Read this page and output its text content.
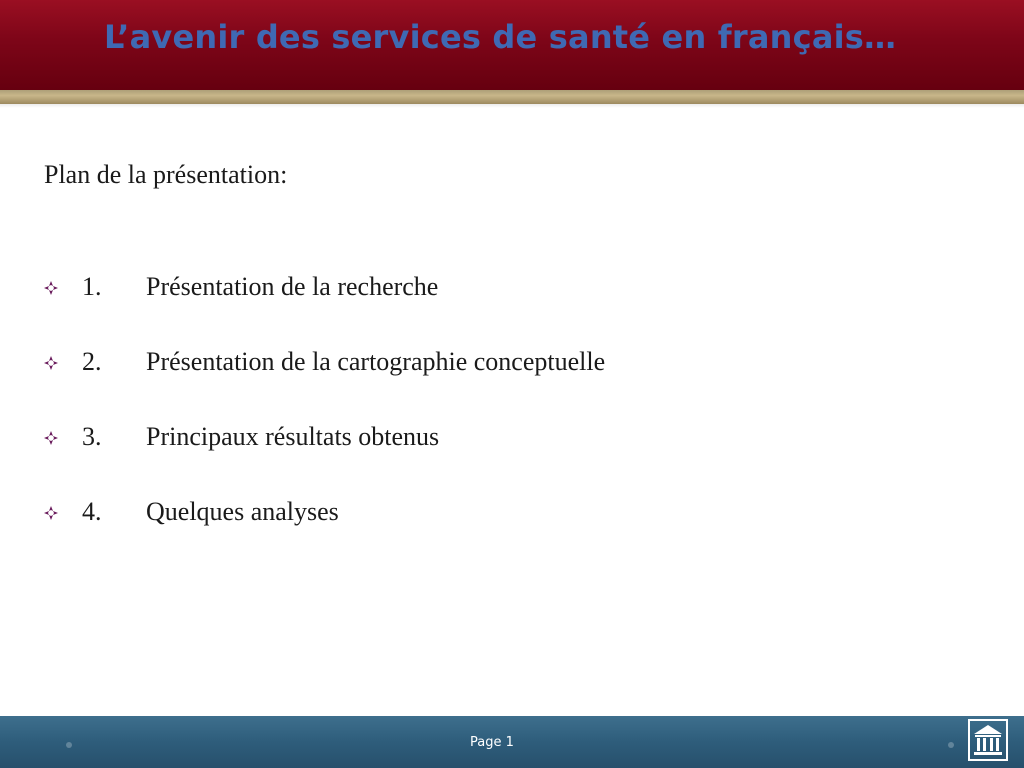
L’avenir des services de santé en français…
Plan de la présentation:
1. Présentation de la recherche
2. Présentation de la cartographie conceptuelle
3. Principaux résultats obtenus
4. Quelques analyses
Page 1
